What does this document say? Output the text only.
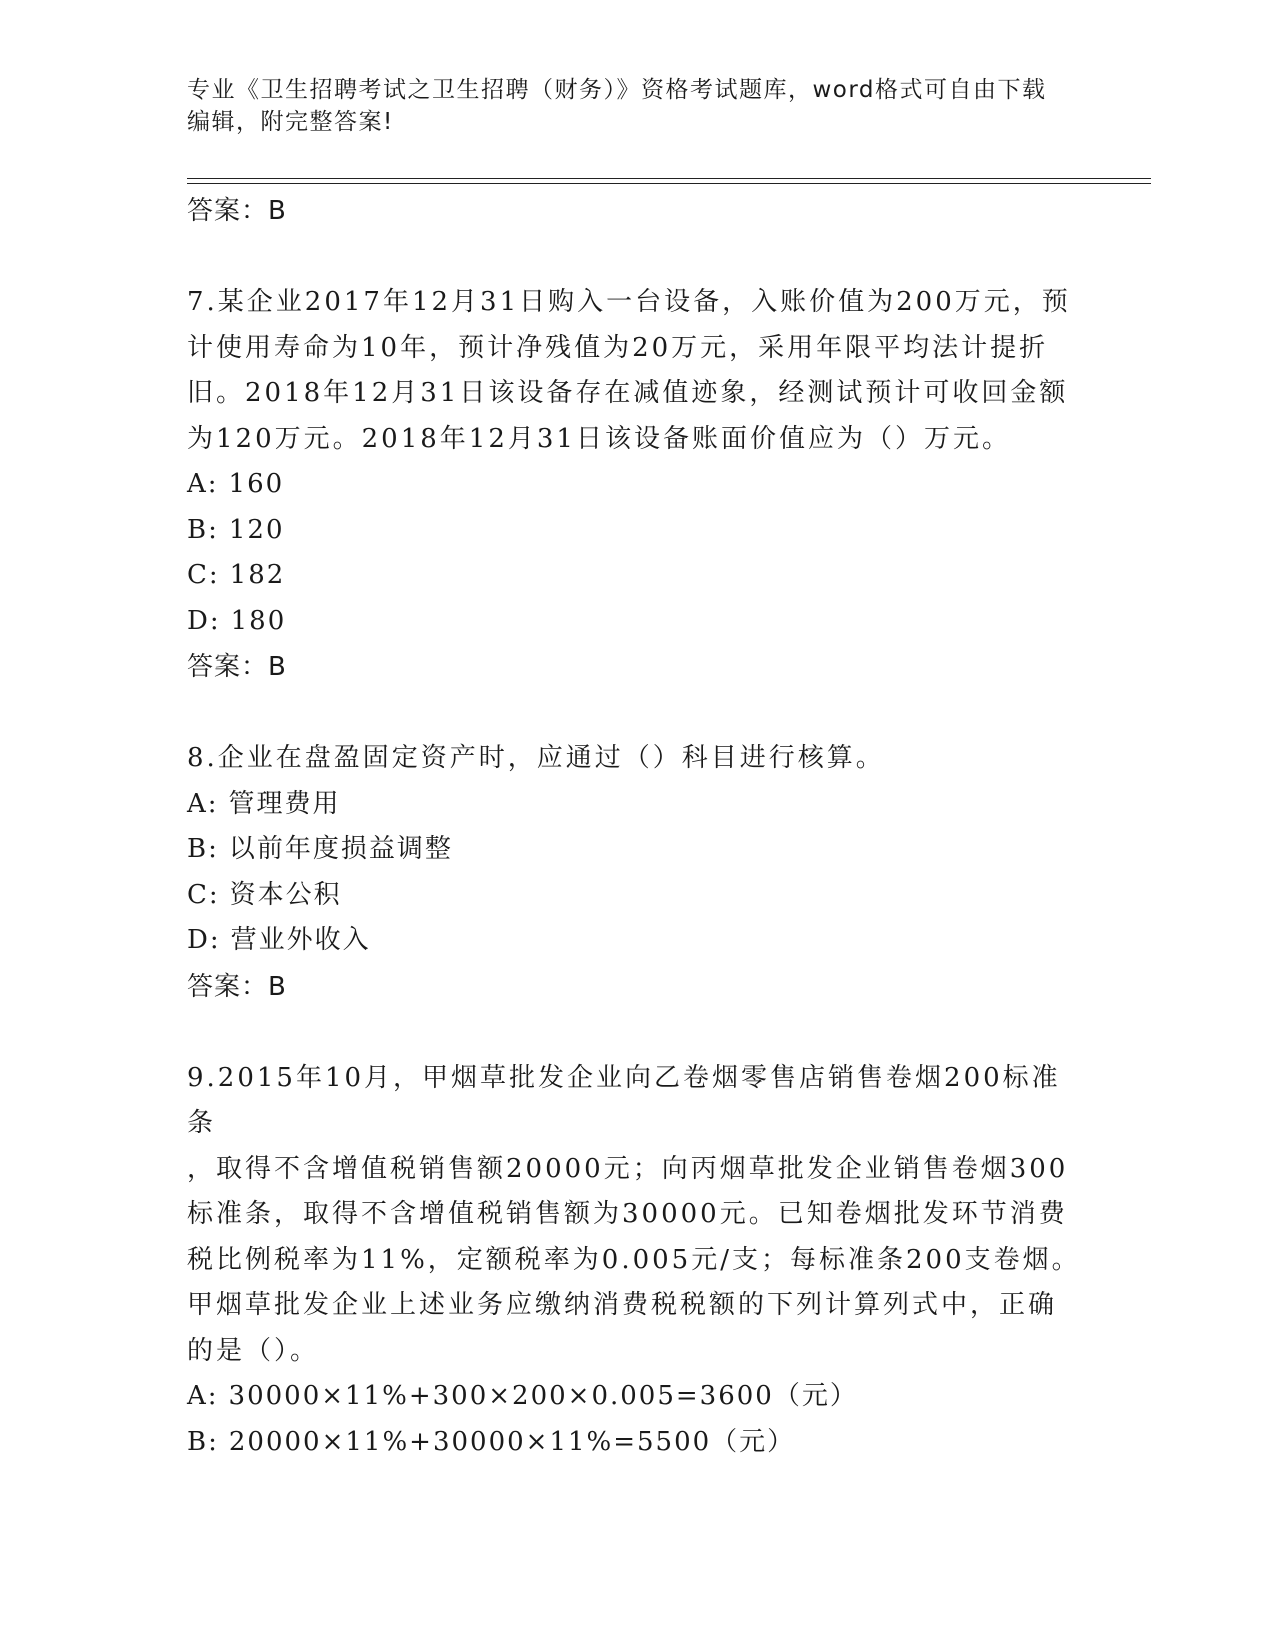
专业《卫生招聘考试之卫生招聘（财务）》资格考试题库，word格式可自由下载
编辑，附完整答案!
答案：B
7.某企业2017年12月31日购入一台设备，入账价值为200万元，预
计使用寿命为10年，预计净残值为20万元，采用年限平均法计提折
旧。2018年12月31日该设备存在减值迹象，经测试预计可收回金额
为120万元。2018年12月31日该设备账面价值应为（）万元。
A: 160
B: 120
C: 182
D: 180
答案：B
8.企业在盘盈固定资产时，应通过（）科目进行核算。
A: 管理费用
B: 以前年度损益调整
C: 资本公积
D: 营业外收入
答案：B
9.2015年10月，甲烟草批发企业向乙卷烟零售店销售卷烟200标准条
，取得不含增值税销售额20000元；向丙烟草批发企业销售卷烟300
标准条，取得不含增值税销售额为30000元。已知卷烟批发环节消费
税比例税率为11%，定额税率为0.005元/支；每标准条200支卷烟。
甲烟草批发企业上述业务应缴纳消费税税额的下列计算列式中，正确
的是（）。
A: 30000×11%+300×200×0.005=3600（元）
B: 20000×11%+30000×11%=5500（元）
